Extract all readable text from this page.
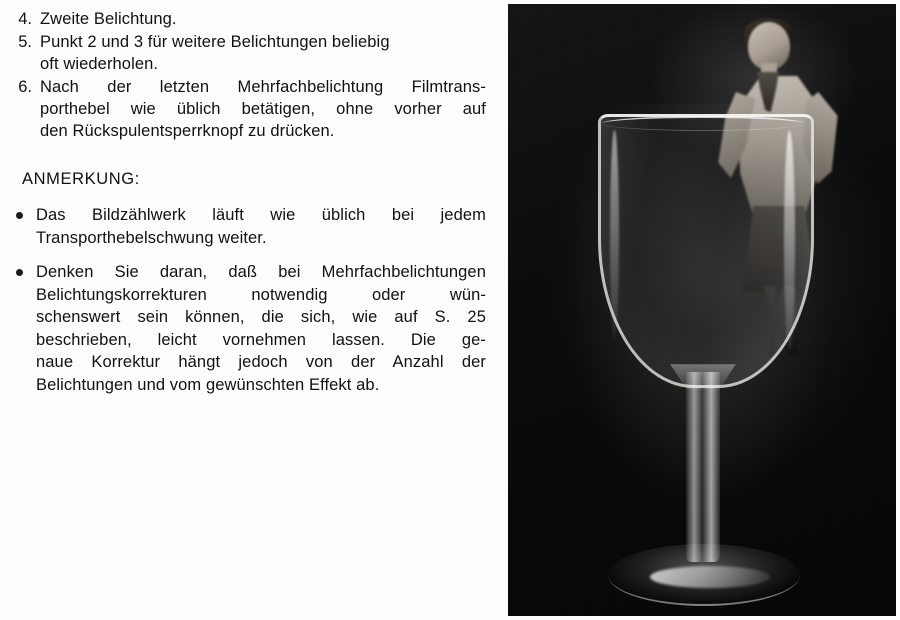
4. Zweite Belichtung.
5. Punkt 2 und 3 für weitere Belichtungen beliebig
oft wiederholen.
6. Nach der letzten Mehrfachbelichtung Filmtrans-
porthebel wie üblich betätigen, ohne vorher auf
den Rückspulentsperrknopf zu drücken.
ANMERKUNG:
Das Bildzählwerk läuft wie üblich bei jedem
Transporthebelschwung weiter.
Denken Sie daran, daß bei Mehrfachbelichtungen
Belichtungskorrekturen notwendig oder wün-
schenswert sein können, die sich, wie auf S. 25
beschrieben, leicht vornehmen lassen. Die ge-
naue Korrektur hängt jedoch von der Anzahl der
Belichtungen und vom gewünschten Effekt ab.
